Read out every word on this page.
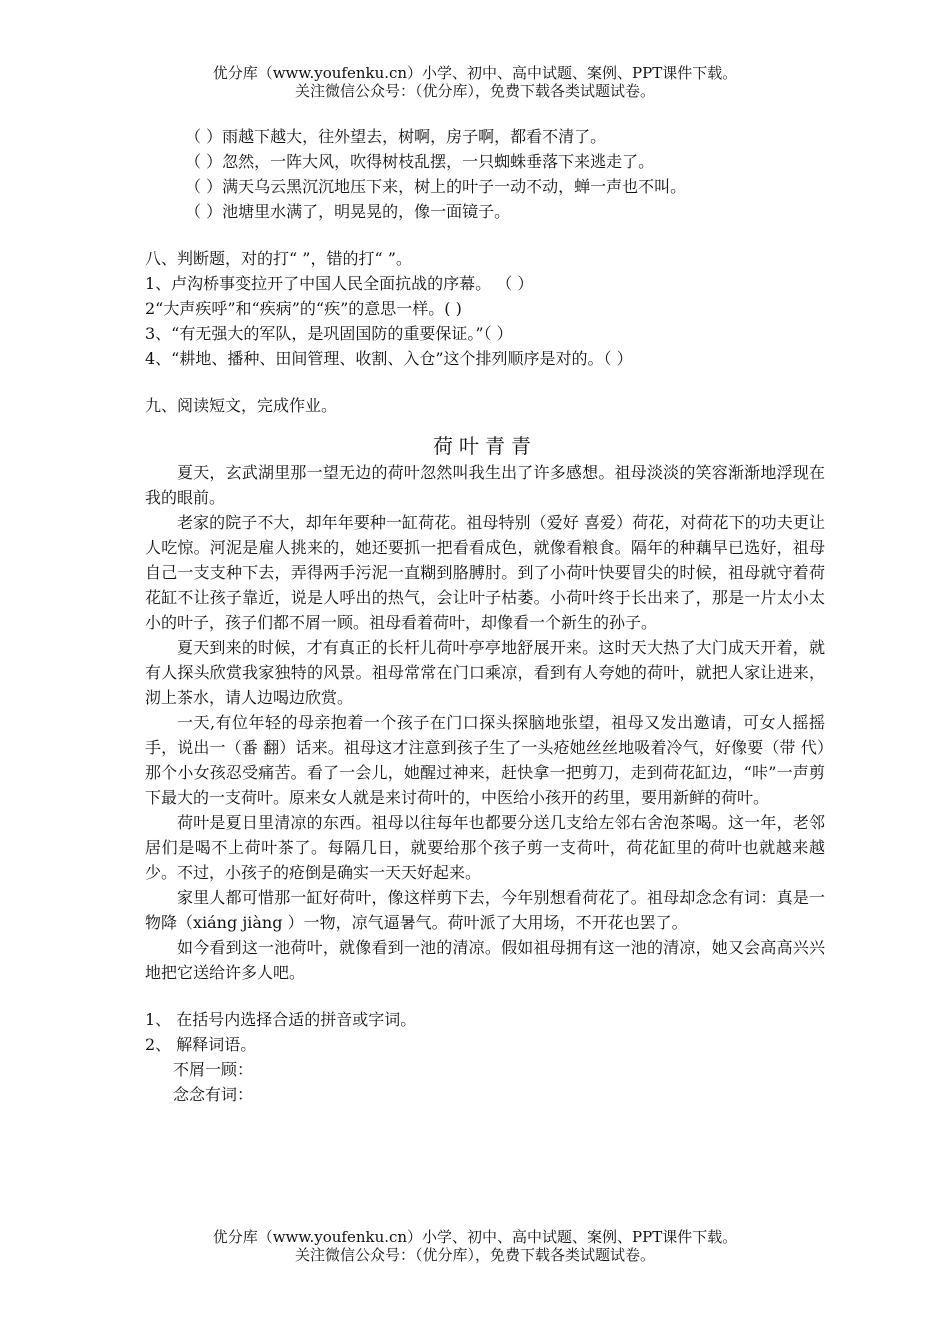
优分库（www.youfenku.cn）小学、初中、高中试题、案例、PPT课件下载。
关注微信公众号：（优分库），免费下载各类试题试卷。
（ ）雨越下越大，往外望去，树啊，房子啊，都看不清了。
（ ）忽然，一阵大风，吹得树枝乱摆，一只蜘蛛垂落下来逃走了。
（ ）满天乌云黑沉沉地压下来，树上的叶子一动不动，蝉一声也不叫。
（ ）池塘里水满了，明晃晃的，像一面镜子。
八、判断题，对的打“ ”，错的打“ ”。
1、卢沟桥事变拉开了中国人民全面抗战的序幕。 （ ）
2“大声疾呼”和“疾病”的“疾”的意思一样。( )
3、“有无强大的军队，是巩固国防的重要保证。”（ ）
4、“耕地、播种、田间管理、收割、入仓”这个排列顺序是对的。（ ）
九、阅读短文，完成作业。
荷叶青青

夏天，玄武湖里那一望无边的荷叶忽然叫我生出了许多感想。祖母淡淡的笑容渐渐地浮现在我的眼前。

老家的院子不大，却年年要种一缸荷花。祖母特别（爱好 喜爱）荷花，对荷花下的功夫更让人吃惊。河泥是雇人挑来的，她还要抓一把看看成色，就像看粮食。隔年的种藕早已选好，祖母自己一支支种下去，弄得两手污泥一直糊到胳膊肘。到了小荷叶快要冒尖的时候，祖母就守着荷花缸不让孩子靠近，说是人呼出的热气，会让叶子枯萎。小荷叶终于长出来了，那是一片太小太小的叶子，孩子们都不屑一顾。祖母看着荷叶，却像看一个新生的孙子。

夏天到来的时候，才有真正的长杆儿荷叶亭亭地舒展开来。这时天大热了大门成天开着，就有人探头欣赏我家独特的风景。祖母常常在门口乘凉，看到有人夸她的荷叶，就把人家让进来，沏上茶水，请人边喝边欣赏。

一天,有位年轻的母亲抱着一个孩子在门口探头探脑地张望，祖母又发出邀请，可女人摇摇手，说出一（番 翻）话来。祖母这才注意到孩子生了一头疮她丝丝地吸着冷气，好像要（带 代）那个小女孩忍受痛苦。看了一会儿，她醒过神来，赶快拿一把剪刀，走到荷花缸边，“咔”一声剪下最大的一支荷叶。原来女人就是来讨荷叶的，中医给小孩开的药里，要用新鲜的荷叶。

荷叶是夏日里清凉的东西。祖母以往每年也都要分送几支给左邻右舍泡茶喝。这一年，老邻居们是喝不上荷叶茶了。每隔几日，就要给那个孩子剪一支荷叶，荷花缸里的荷叶也就越来越少。不过，小孩子的疮倒是确实一天天好起来。

家里人都可惜那一缸好荷叶，像这样剪下去，今年别想看荷花了。祖母却念念有词：真是一物降（xiáng jiàng ）一物，凉气逼暑气。荷叶派了大用场，不开花也罢了。

如今看到这一池荷叶，就像看到一池的清凉。假如祖母拥有这一池的清凉，她又会高高兴兴地把它送给许多人吧。

1、 在括号内选择合适的拼音或字词。
2、 解释词语。
不屑一顾：
念念有词：
优分库（www.youfenku.cn）小学、初中、高中试题、案例、PPT课件下载。
关注微信公众号：（优分库），免费下载各类试题试卷。
